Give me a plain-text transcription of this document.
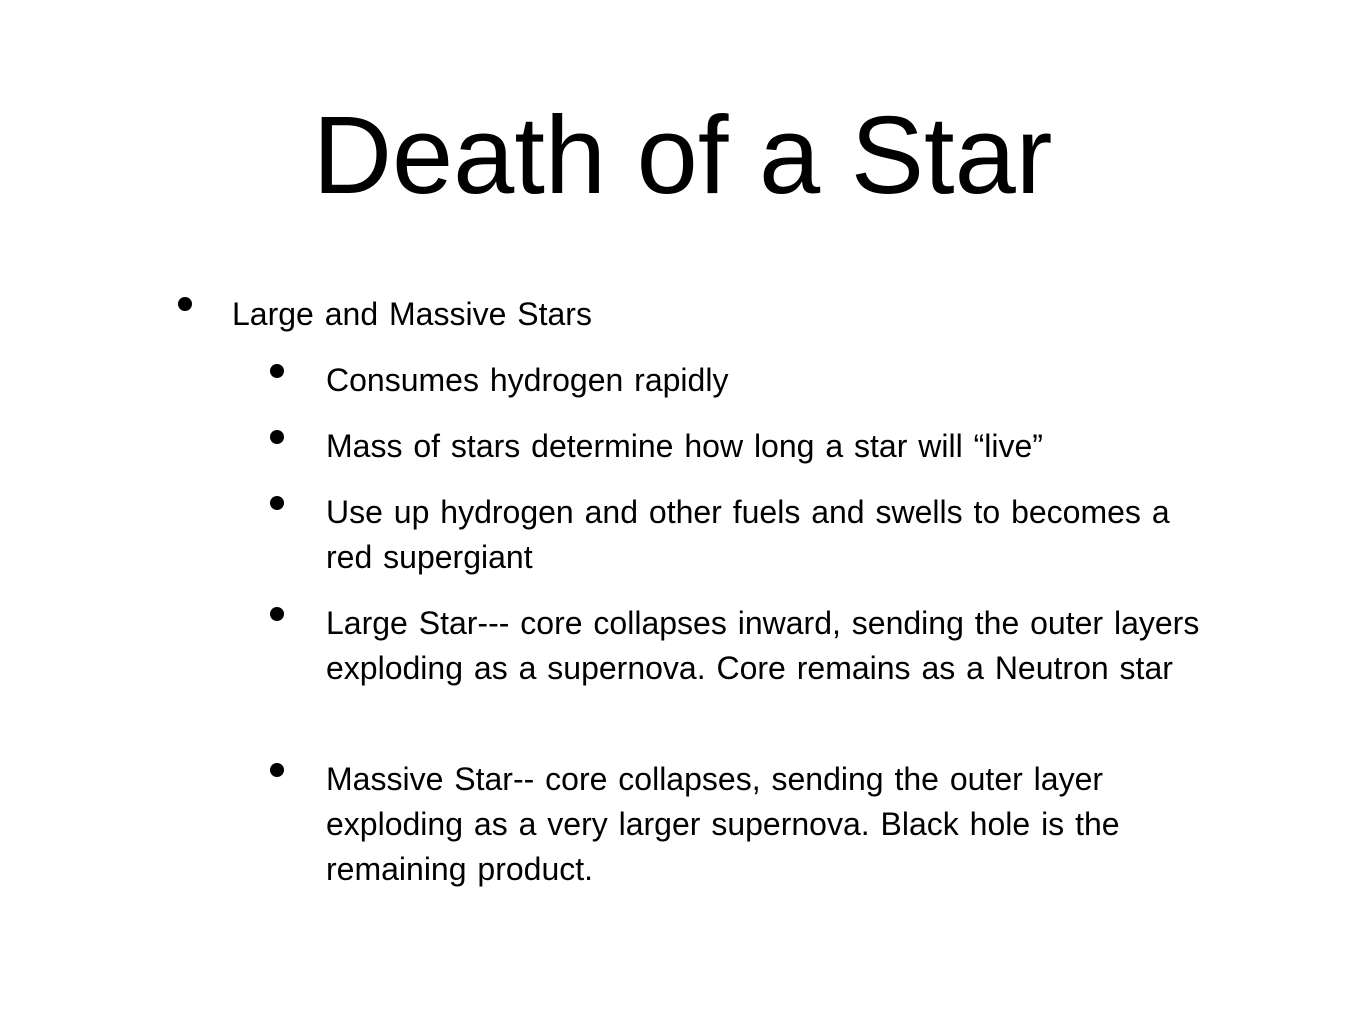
Death of a Star
Large and Massive Stars
Consumes hydrogen rapidly
Mass of stars determine how long a star will “live”
Use up hydrogen and other fuels and swells to becomes a red supergiant
Large Star--- core collapses inward, sending the outer layers exploding as a supernova. Core remains as a Neutron star
Massive Star-- core collapses, sending the outer layer exploding as a very larger supernova. Black hole is the remaining product.
